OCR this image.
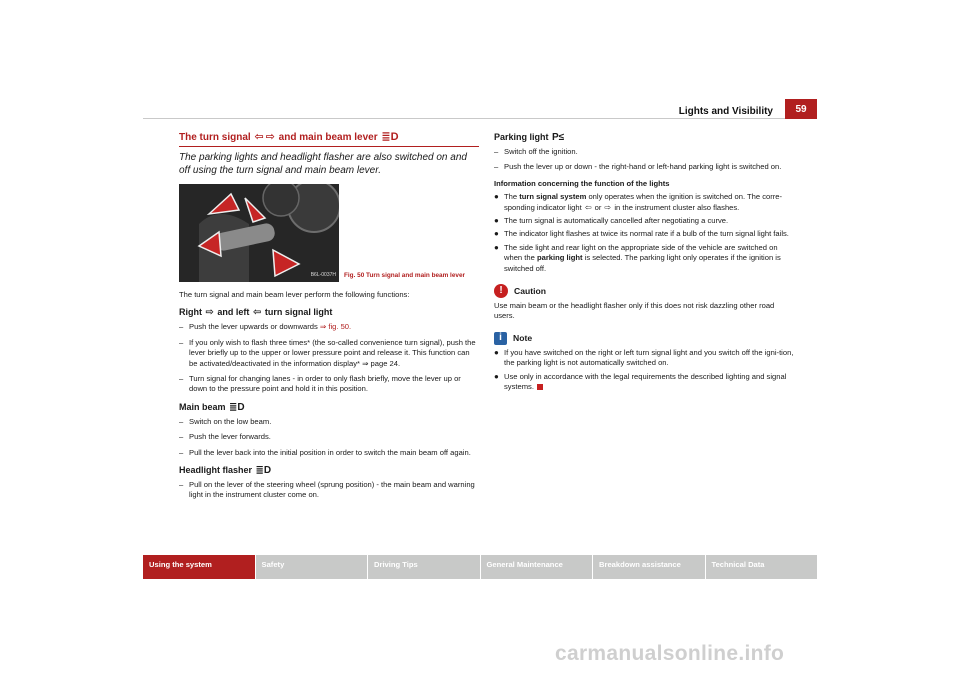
Lights and Visibility	59
The turn signal ⇦ ⇨ and main beam lever ≣D
The parking lights and headlight flasher are also switched on and off using the turn signal and main beam lever.
B6L-0037H Fig. 50 Turn signal and main beam lever
The turn signal and main beam lever perform the following functions:
Right ⇨ and left ⇦ turn signal light
– Push the lever upwards or downwards ⇒ fig. 50.
– If you only wish to flash three times* (the so-called convenience turn signal), push the lever briefly up to the upper or lower pressure point and release it. This function can be activated/deactivated in the information display* ⇒ page 24.
– Turn signal for changing lanes - in order to only flash briefly, move the lever up or down to the pressure point and hold it in this position.
Main beam ≣D
– Switch on the low beam.
– Push the lever forwards.
– Pull the lever back into the initial position in order to switch the main beam off again.
Headlight flasher ≣D
– Pull on the lever of the steering wheel (sprung position) - the main beam and warning light in the instrument cluster come on.
Parking light P≤
– Switch off the ignition.
– Push the lever up or down - the right-hand or left-hand parking light is switched on.
Information concerning the function of the lights
● The turn signal system only operates when the ignition is switched on. The corre-sponding indicator light ⇦ or ⇨ in the instrument cluster also flashes.
● The turn signal is automatically cancelled after negotiating a curve.
● The indicator light flashes at twice its normal rate if a bulb of the turn signal light fails.
● The side light and rear light on the appropriate side of the vehicle are switched on when the parking light is selected. The parking light only operates if the ignition is switched off.
!	Caution
Use main beam or the headlight flasher only if this does not risk dazzling other road users.
i	Note
● If you have switched on the right or left turn signal light and you switch off the igni-tion, the parking light is not automatically switched on.
● Use only in accordance with the legal requirements the described lighting and signal systems.
Using the system	Safety	Driving Tips	General Maintenance	Breakdown assistance	Technical Data
carmanualsonline.info
